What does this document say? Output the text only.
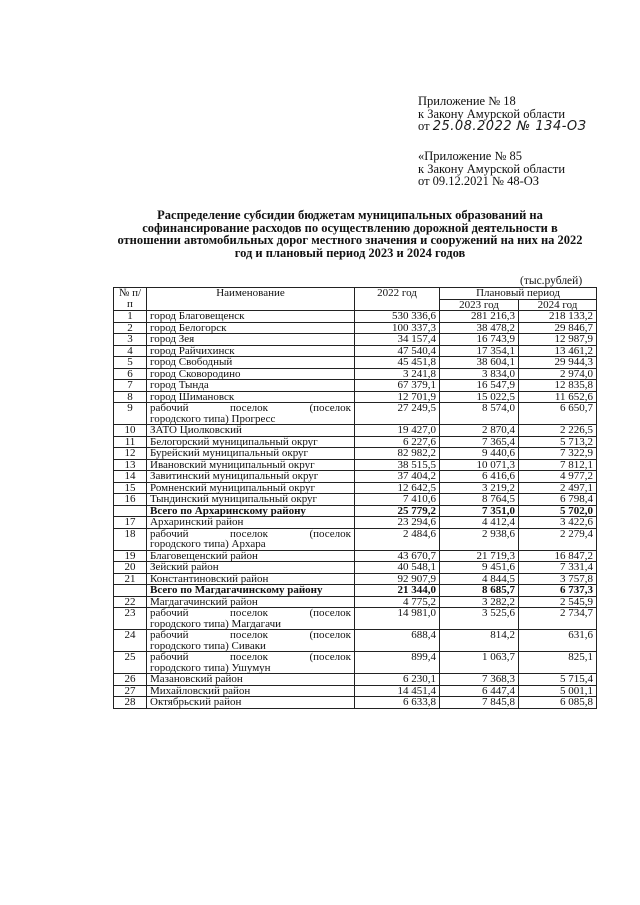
Приложение № 18
к Закону Амурской области
от 25.08.2022 № 134-ОЗ
«Приложение № 85
к Закону Амурской области
от 09.12.2021 № 48-ОЗ
Распределение субсидии бюджетам муниципальных образований на софинансирование расходов по осуществлению дорожной деятельности в отношении автомобильных дорог местного значения и сооружений на них на 2022 год и плановый период 2023 и 2024 годов
(тыс.рублей)
№ п/п	Наименование	2022 год	Плановый период	
			2023 год	2024 год
1	город Благовещенск	530 336,6	281 216,3	218 133,2
2	город Белогорск	100 337,3	38 478,2	29 846,7
3	город Зея	34 157,4	16 743,9	12 987,9
4	город Райчихинск	47 540,4	17 354,1	13 461,2
5	город Свободный	45 451,8	38 604,1	29 944,3
6	город Сковородино	3 241,8	3 834,0	2 974,0
7	город Тында	67 379,1	16 547,9	12 835,8
8	город Шимановск	12 701,9	15 022,5	11 652,6
9	рабочий поселок (поселок
городского типа) Прогресс	27 249,5	8 574,0	6 650,7
10	ЗАТО Циолковский	19 427,0	2 870,4	2 226,5
11	Белогорский муниципальный округ	6 227,6	7 365,4	5 713,2
12	Бурейский муниципальный округ	82 982,2	9 440,6	7 322,9
13	Ивановский муниципальный округ	38 515,5	10 071,3	7 812,1
14	Завитинский муниципальный округ	37 404,2	6 416,6	4 977,2
15	Ромненский муниципальный округ	12 642,5	3 219,2	2 497,1
16	Тындинский муниципальный округ	7 410,6	8 764,5	6 798,4
	Всего по Архаринскому району	25 779,2	7 351,0	5 702,0
17	Архаринский район	23 294,6	4 412,4	3 422,6
18	рабочий поселок (поселок
городского типа) Архара	2 484,6	2 938,6	2 279,4
19	Благовещенский район	43 670,7	21 719,3	16 847,2
20	Зейский район	40 548,1	9 451,6	7 331,4
21	Константиновский район	92 907,9	4 844,5	3 757,8
	Всего по Магдагачинскому району	21 344,0	8 685,7	6 737,3
22	Магдагачинский район	4 775,2	3 282,2	2 545,9
23	рабочий поселок (поселок
городского типа) Магдагачи	14 981,0	3 525,6	2 734,7
24	рабочий поселок (поселок
городского типа) Сиваки	688,4	814,2	631,6
25	рабочий поселок (поселок
городского типа) Ушумун	899,4	1 063,7	825,1
26	Мазановский район	6 230,1	7 368,3	5 715,4
27	Михайловский район	14 451,4	6 447,4	5 001,1
28	Октябрьский район	6 633,8	7 845,8	6 085,8
